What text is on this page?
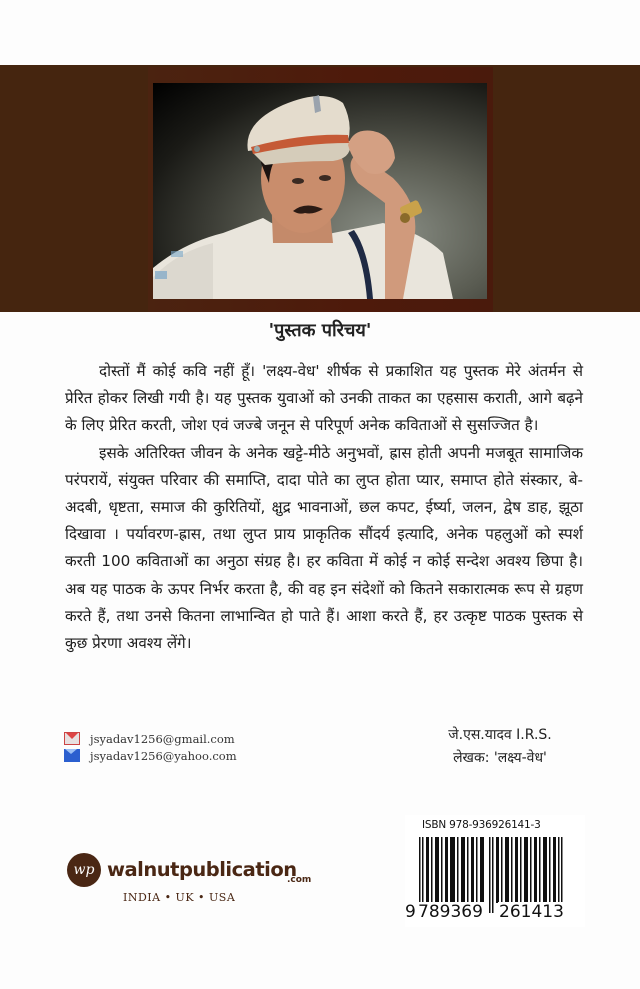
'पुस्तक परिचय'

दोस्तों मैं कोई कवि नहीं हूँ। 'लक्ष्य-वेध' शीर्षक से प्रकाशित यह पुस्तक मेरे अंतर्मन से प्रेरित होकर लिखी गयी है। यह पुस्तक युवाओं को उनकी ताकत का एहसास कराती, आगे बढ़ने के लिए प्रेरित करती, जोश एवं जज्बे जनून से परिपूर्ण अनेक कविताओं से सुसज्जित है।

इसके अतिरिक्त जीवन के अनेक खट्टे-मीठे अनुभवों, ह्रास होती अपनी मजबूत सामाजिक परंपरायें, संयुक्त परिवार की समाप्ति, दादा पोते का लुप्त होता प्यार, समाप्त होते संस्कार, बे-अदबी, धृष्टता, समाज की कुरितियों, क्षुद्र भावनाओं, छल कपट, ईर्ष्या, जलन, द्वेष डाह, झूठा दिखावा । पर्यावरण-ह्रास, तथा लुप्त प्राय प्राकृतिक सौंदर्य इत्यादि, अनेक पहलुओं को स्पर्श करती 100 कविताओं का अनुठा संग्रह है। हर कविता में कोई न कोई सन्देश अवश्य छिपा है। अब यह पाठक के ऊपर निर्भर करता है, की वह इन संदेशों को कितने सकारात्मक रूप से ग्रहण करते हैं, तथा उनसे कितना लाभान्वित हो पाते हैं। आशा करते हैं, हर उत्कृष्ट पाठक पुस्तक से कुछ प्रेरणा अवश्य लेंगे।

jsyadav1256@gmail.com
jsyadav1256@yahoo.com
जे.एस.यादव I.R.S.
लेखक: 'लक्ष्य-वेध'
wp walnutpublication
.com
INDIA • UK • USA
ISBN 978-936926141-3
9 789369 261413
